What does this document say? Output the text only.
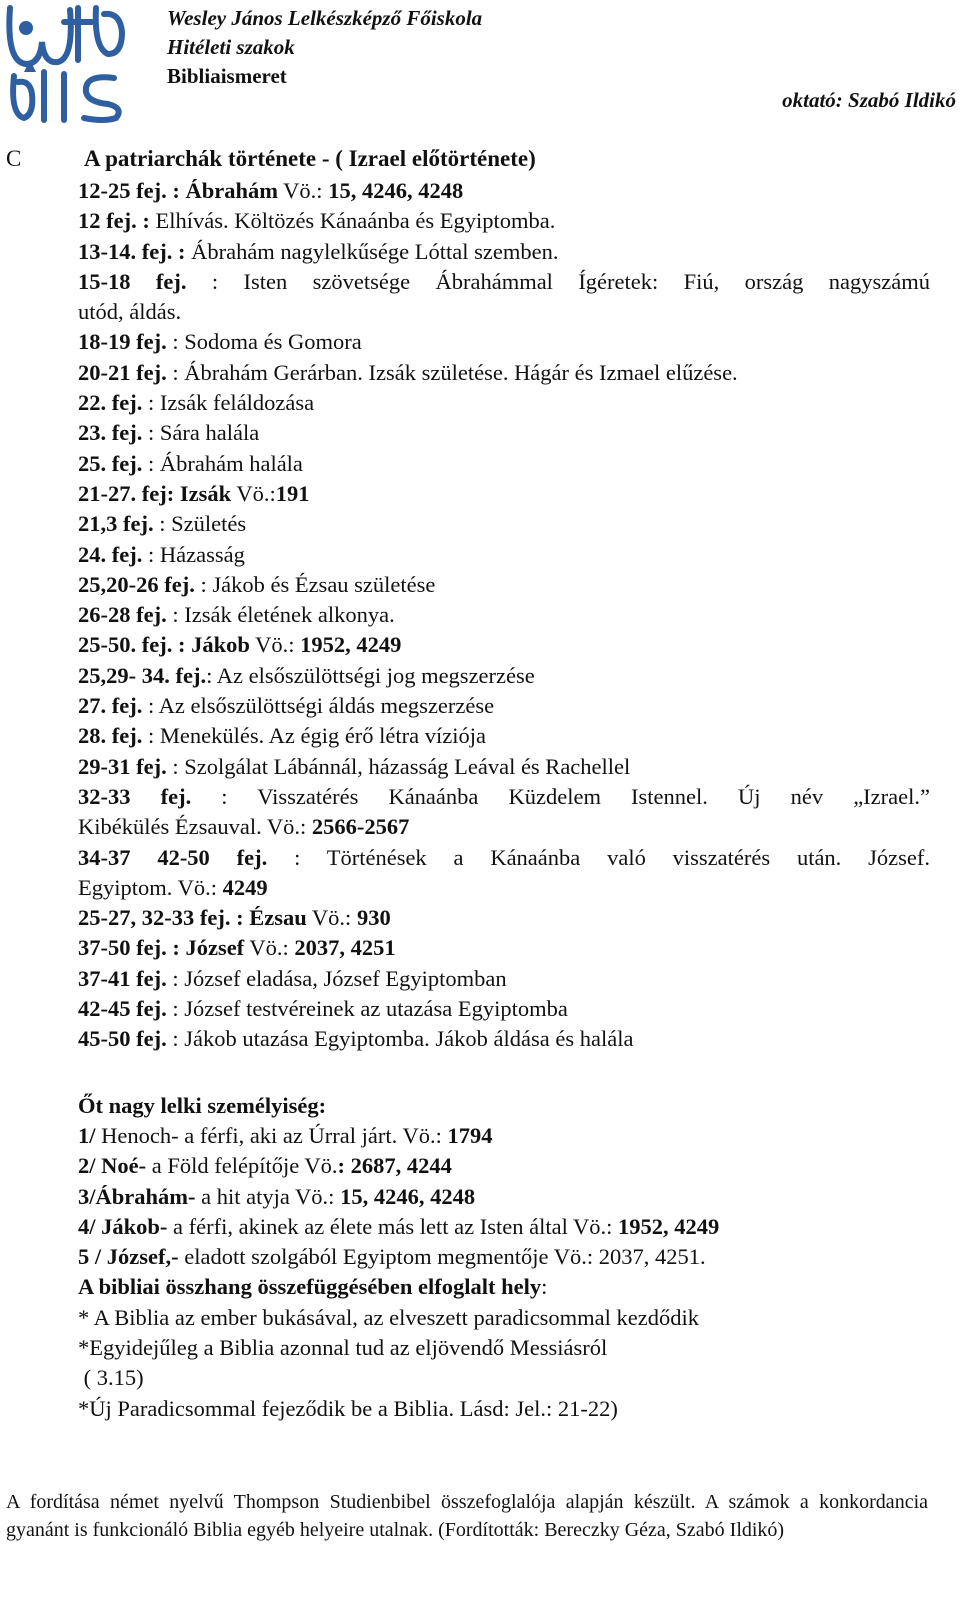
Wesley János Lelkészképző Főiskola
Hitéleti szakok
Bibliaismeret
oktató: Szabó Ildikó
C	A patriarchák története - ( Izrael előtörténete)
12-25 fej. : Ábrahám Vö.: 15, 4246, 4248
12 fej. : Elhívás. Költözés Kánaánba és Egyiptomba.
13-14. fej. : Ábrahám nagylelkűsége Lóttal szemben.
15-18 fej. : Isten szövetsége Ábrahámmal Ígéretek: Fiú, ország nagyszámú
utód, áldás.
18-19 fej. : Sodoma és Gomora
20-21 fej. : Ábrahám Gerárban. Izsák születése. Hágár és Izmael elűzése.
22. fej. : Izsák feláldozása
23. fej. : Sára halála
25. fej. : Ábrahám halála
21-27. fej: Izsák Vö.:191
21,3 fej. : Születés
24. fej. : Házasság
25,20-26 fej. : Jákob és Ézsau születése
26-28 fej. : Izsák életének alkonya.
25-50. fej. : Jákob Vö.: 1952, 4249
25,29- 34. fej.: Az elsőszülöttségi jog megszerzése
27. fej. : Az elsőszülöttségi áldás megszerzése
28. fej. : Menekülés. Az égig érő létra víziója
29-31 fej. : Szolgálat Lábánnál, házasság Leával és Rachellel
32-33 fej. : Visszatérés Kánaánba Küzdelem Istennel. Új név „Izrael.”
Kibékülés Ézsauval. Vö.: 2566-2567
34-37 42-50 fej. : Történések a Kánaánba való visszatérés után. József.
Egyiptom. Vö.: 4249
25-27, 32-33 fej. : Ézsau Vö.: 930
37-50 fej. : József Vö.: 2037, 4251
37-41 fej. : József eladása, József Egyiptomban
42-45 fej. : József testvéreinek az utazása Egyiptomba
45-50 fej. : Jákob utazása Egyiptomba. Jákob áldása és halála
Őt nagy lelki személyiség:
1/ Henoch- a férfi, aki az Úrral járt. Vö.: 1794
2/ Noé- a Föld felépítője Vö.: 2687, 4244
3/Ábrahám- a hit atyja Vö.: 15, 4246, 4248
4/ Jákob- a férfi, akinek az élete más lett az Isten által Vö.: 1952, 4249
5 / József,- eladott szolgából Egyiptom megmentője Vö.: 2037, 4251.
A bibliai összhang összefüggésében elfoglalt hely:
* A Biblia az ember bukásával, az elveszett paradicsommal kezdődik
*Egyidejűleg a Biblia azonnal tud az eljövendő Messiásról
( 3.15)
*Új Paradicsommal fejeződik be a Biblia. Lásd: Jel.: 21-22)
A fordítása német nyelvű Thompson Studienbibel összefoglalója alapján készült. A számok a konkordancia gyanánt is funkcionáló Biblia egyéb helyeire utalnak. (Fordították: Bereczky Géza, Szabó Ildikó)
